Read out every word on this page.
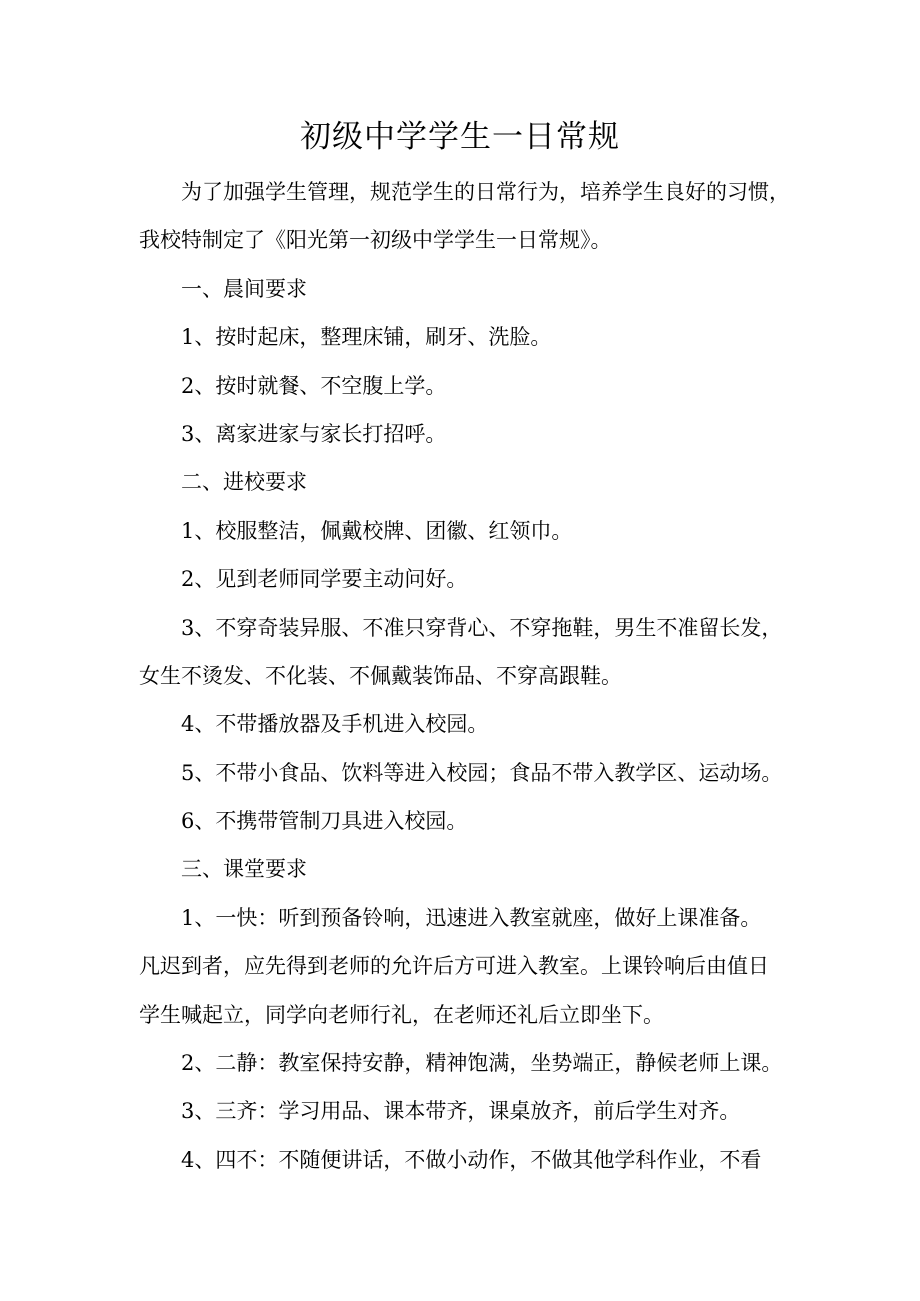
初级中学学生一日常规

为了加强学生管理，规范学生的日常行为，培养学生良好的习惯，

我校特制定了《阳光第一初级中学学生一日常规》。

一、晨间要求

1、按时起床，整理床铺，刷牙、洗脸。

2、按时就餐、不空腹上学。

3、离家进家与家长打招呼。

二、进校要求

1、校服整洁，佩戴校牌、团徽、红领巾。

2、见到老师同学要主动问好。

3、不穿奇装异服、不准只穿背心、不穿拖鞋，男生不准留长发，

女生不烫发、不化装、不佩戴装饰品、不穿高跟鞋。

4、不带播放器及手机进入校园。

5、不带小食品、饮料等进入校园；食品不带入教学区、运动场。

6、不携带管制刀具进入校园。

三、课堂要求

1、一快：听到预备铃响，迅速进入教室就座，做好上课准备。

凡迟到者，应先得到老师的允许后方可进入教室。上课铃响后由值日

学生喊起立，同学向老师行礼，在老师还礼后立即坐下。

2、二静：教室保持安静，精神饱满，坐势端正，静候老师上课。

3、三齐：学习用品、课本带齐，课桌放齐，前后学生对齐。

4、四不：不随便讲话，不做小动作，不做其他学科作业，不看
